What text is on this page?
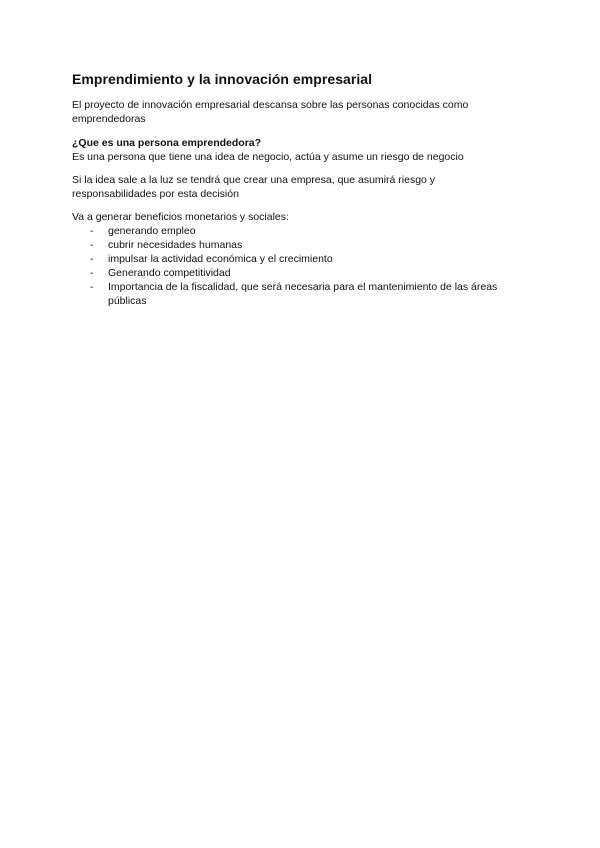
Emprendimiento y la innovación empresarial

El proyecto de innovación empresarial descansa sobre las personas conocidas como emprendedoras

¿Que es una persona emprendedora?

Es una persona que tiene una idea de negocio, actúa y asume un riesgo de negocio

Si la idea sale a la luz se tendrá que crear una empresa, que asumirá riesgo y responsabilidades por esta decisión

Va a generar beneficios monetarios y sociales:

- generando empleo
- cubrir necesidades humanas
- impulsar la actividad económica y el crecimiento
- Generando competitividad
- Importancia de la fiscalidad, que será necesaria para el mantenimiento de las áreas públicas
